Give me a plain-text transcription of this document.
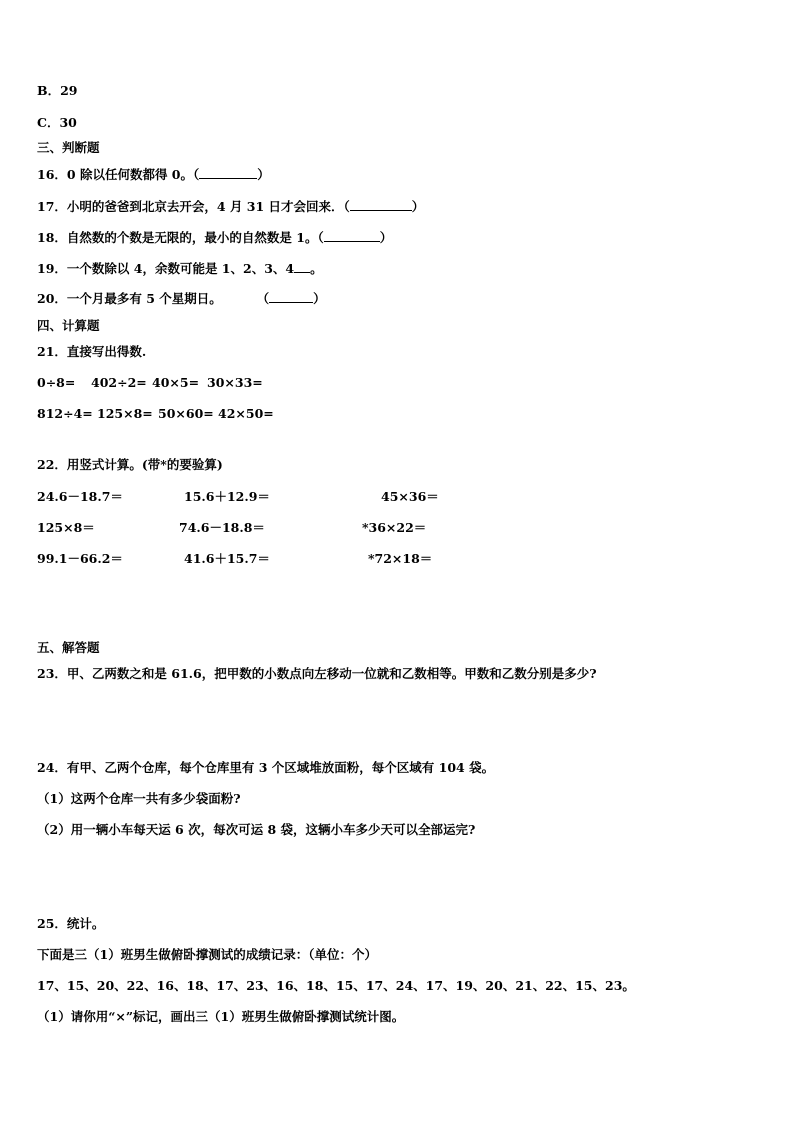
B．29
C．30
三、判断题
16．0 除以任何数都得 0。（	）
17．小明的爸爸到北京去开会，4 月 31 日才会回来．（	）
18．自然数的个数是无限的，最小的自然数是 1。（	）
19．一个数除以 4，余数可能是 1、2、3、4 。
20．一个月最多有 5 个星期日。        （	）
四、计算题
21．直接写出得数.
0÷8= 402÷2= 40×5= 30×33=
812÷4= 125×8= 50×60= 42×50=
22．用竖式计算。(带*的要验算)
24.6－18.7＝	15.6＋12.9＝	45×36＝
125×8＝	74.6－18.8＝	*36×22＝
99.1－66.2＝	41.6＋15.7＝	*72×18＝
五、解答题
23．甲、乙两数之和是 61.6，把甲数的小数点向左移动一位就和乙数相等。甲数和乙数分别是多少?
24．有甲、乙两个仓库，每个仓库里有 3 个区域堆放面粉，每个区域有 104 袋。
（1）这两个仓库一共有多少袋面粉?
（2）用一辆小车每天运 6 次，每次可运 8 袋，这辆小车多少天可以全部运完?
25．统计。
下面是三（1）班男生做俯卧撑测试的成绩记录：（单位：个）
17、15、20、22、16、18、17、23、16、18、15、17、24、17、19、20、21、22、15、23。
（1）请你用“×”标记，画出三（1）班男生做俯卧撑测试统计图。
